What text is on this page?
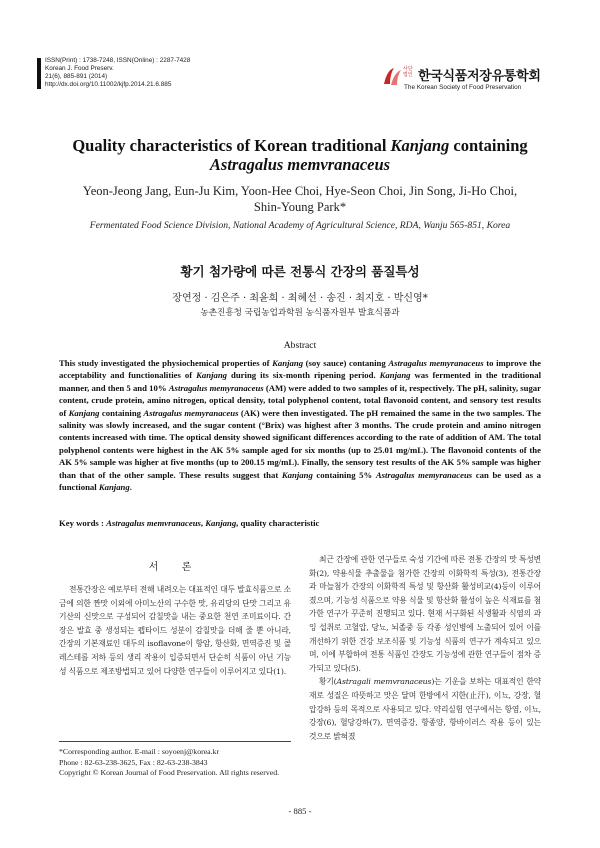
ISSN(Print) : 1738-7248, ISSN(Online) : 2287-7428
Korean J. Food Preserv.
21(6), 885-891 (2014)
http://dx.doi.org/10.11002/kjfp.2014.21.6.885
사단
법인 한국식품저장유통학회
The Korean Society of Food Preservation
Quality characteristics of Korean traditional Kanjang containing
Astragalus memvranaceus
Yeon-Jeong Jang, Eun-Ju Kim, Yoon-Hee Choi, Hye-Seon Choi, Jin Song, Ji-Ho Choi,
Shin-Young Park*
Fermentated Food Science Division, National Academy of Agricultural Science, RDA, Wanju 565-851, Korea
황기 첨가량에 따른 전통식 간장의 품질특성
장연정 · 김은주 · 최윤희 · 최혜선 · 송진 · 최지호 · 박신영*
농촌진흥청 국립농업과학원 농식품자원부 발효식품과
Abstract
This study investigated the physiochemical properties of Kanjang (soy sauce) contaning Astragalus memyranaceus to improve the acceptability and functionalities of Kanjang during its six-month ripening period. Kanjang was fermented in the traditional manner, and then 5 and 10% Astragalus memyranaceus (AM) were added to two samples of it, respectively. The pH, salinity, sugar content, crude protein, amino nitrogen, optical density, total polyphenol content, total flavonoid content, and sensory test results of Kanjang containing Astragalus memyranaceus (AK) were then investigated. The pH remained the same in the two samples. The salinity was slowly increased, and the sugar content (°Brix) was highest after 3 months. The crude protein and amino nitrogen contents increased with time. The optical density showed significant differences according to the rate of addition of AM. The total polyphenol contents were highest in the AK 5% sample aged for six months (up to 25.01 mg/mL). The flavonoid contents of the AK 5% sample was higher at five months (up to 200.15 mg/mL). Finally, the sensory test results of the AK 5% sample was higher than that of the other sample. These results suggest that Kanjang containing 5% Astragalus memyranaceus can be used as a functional Kanjang.
Key words : Astragalus memvranaceus, Kanjang, quality characteristic
서 론

전통간장은 예로부터 전해 내려오는 대표적인 대두 발효식품으로 소금에 의한 짠맛 이외에 아미노산의 구수한 맛, 유리당의 단맛 그리고 유기산의 신맛으로 구성되어 감칠맛을 내는 중요한 천연 조미료이다. 간장은 발효 중 생성되는 펩타이드 성분이 감칠맛을 더해 줄 뿐 아니라, 간장의 기본재료인 대두의 isoflavone이 항암, 항산화, 면역증진 및 콜레스테롤 저하 등의 생리 작용이 입증되면서 단순히 식품이 아닌 기능성 식품으로 제조방법되고 있어 다양한 연구들이 이루어지고 있다(1).

최근 간장에 관한 연구들로 숙성 기간에 따른 전통 간장의 맛 특성변화(2), 약용식물 추출물을 첨가한 간장의 이화학적 특성(3), 전통간장과 마늘첨가 간장의 이화학적 특성 및 항산화 활성비교(4)등이 이루어졌으며, 기능성 식품으로 약용 식물 및 항산화 활성이 높은 식재료를 첨가한 연구가 꾸준히 진행되고 있다. 현재 서구화된 식생활과 식염의 과잉 섭취로 고혈압, 당뇨, 뇌졸중 등 각종 성인병에 노출되어 있어 이를 개선하기 위한 건강 보조식품 및 기능성 식품의 연구가 계속되고 있으며, 이에 부합하여 전통 식품인 간장도 기능성에 관한 연구들이 점차 증가되고 있다(5).

황기(Astragali memvranaceus)는 기운을 보하는 대표적인 한약재로 성질은 따뜻하고 맛은 달며 한방에서 지한(止汗), 이뇨, 강장, 혈압강하 등의 목적으로 사용되고 있다. 약리실험 연구에서는 항염, 이뇨, 강장(6), 혈당강하(7), 면역증강, 항종양, 항바이러스 작용 등이 있는 것으로 밝혀졌

*Corresponding author. E-mail : soyoenj@korea.kr
Phone : 82-63-238-3625, Fax : 82-63-238-3843
Copyright © Korean Journal of Food Preservation. All rights reserved.
- 885 -
